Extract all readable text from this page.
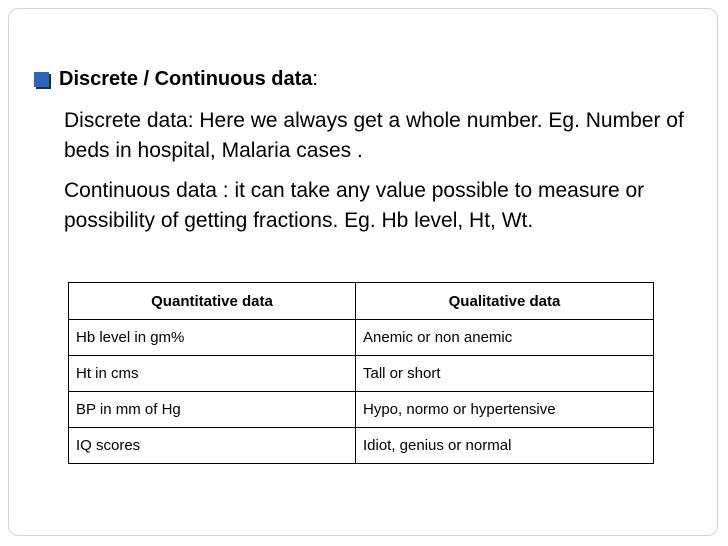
Discrete / Continuous data :
Discrete data: Here we always get a whole number. Eg. Number of beds in hospital, Malaria cases .
Continuous data : it can take any value possible to measure or possibility of getting fractions. Eg. Hb level, Ht, Wt.
Quantitative data	Qualitative data
Hb level in gm%	Anemic or non anemic
Ht in cms	Tall or short
BP in mm of Hg	Hypo, normo or hypertensive
IQ scores	Idiot, genius or normal
